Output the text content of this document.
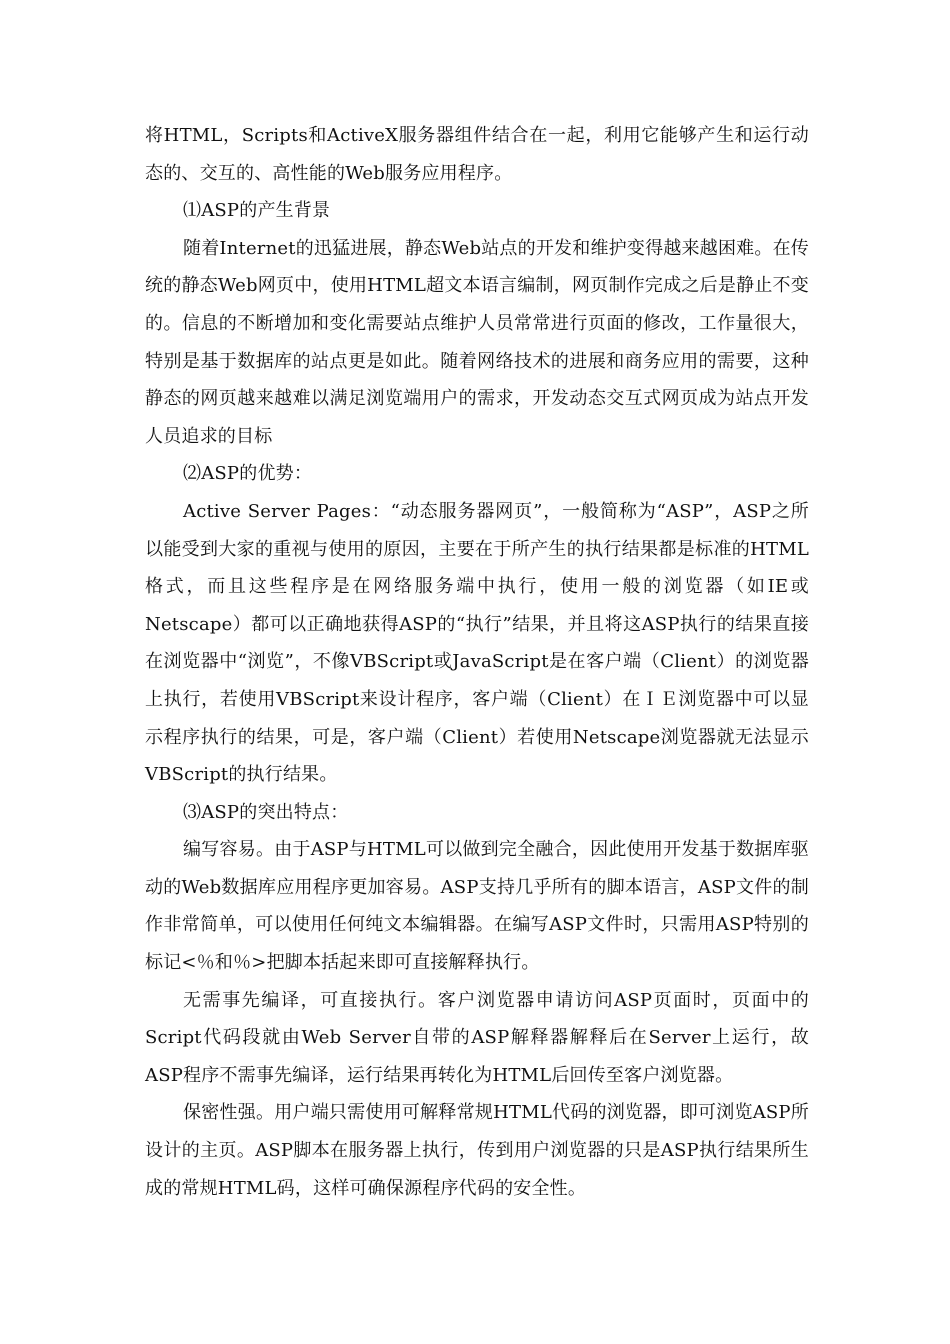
将HTML，Scripts和ActiveX服务器组件结合在一起，利用它能够产生和运行动态的、交互的、高性能的Web服务应用程序。

⑴ASP的产生背景

随着Internet的迅猛进展，静态Web站点的开发和维护变得越来越困难。在传统的静态Web网页中，使用HTML超文本语言编制，网页制作完成之后是静止不变的。信息的不断增加和变化需要站点维护人员常常进行页面的修改，工作量很大，特别是基于数据库的站点更是如此。随着网络技术的进展和商务应用的需要，这种静态的网页越来越难以满足浏览端用户的需求，开发动态交互式网页成为站点开发人员追求的目标

⑵ASP的优势：

Active Server Pages：“动态服务器网页”，一般简称为“ASP”，ASP之所以能受到大家的重视与使用的原因，主要在于所产生的执行结果都是标准的HTML格式，而且这些程序是在网络服务端中执行，使用一般的浏览器（如IE或Netscape）都可以正确地获得ASP的“执行”结果，并且将这ASP执行的结果直接在浏览器中“浏览”，不像VBScript或JavaScript是在客户端（Client）的浏览器上执行，若使用VBScript来设计程序，客户端（Client）在ＩＥ浏览器中可以显示程序执行的结果，可是，客户端（Client）若使用Netscape浏览器就无法显示VBScript的执行结果。

⑶ASP的突出特点：

编写容易。由于ASP与HTML可以做到完全融合，因此使用开发基于数据库驱动的Web数据库应用程序更加容易。ASP支持几乎所有的脚本语言，ASP文件的制作非常简单，可以使用任何纯文本编辑器。在编写ASP文件时，只需用ASP特别的标记<％和％>把脚本括起来即可直接解释执行。

无需事先编译，可直接执行。客户浏览器申请访问ASP页面时，页面中的Script代码段就由Web Server自带的ASP解释器解释后在Server上运行，故ASP程序不需事先编译，运行结果再转化为HTML后回传至客户浏览器。

保密性强。用户端只需使用可解释常规HTML代码的浏览器，即可浏览ASP所设计的主页。ASP脚本在服务器上执行，传到用户浏览器的只是ASP执行结果所生成的常规HTML码，这样可确保源程序代码的安全性。
